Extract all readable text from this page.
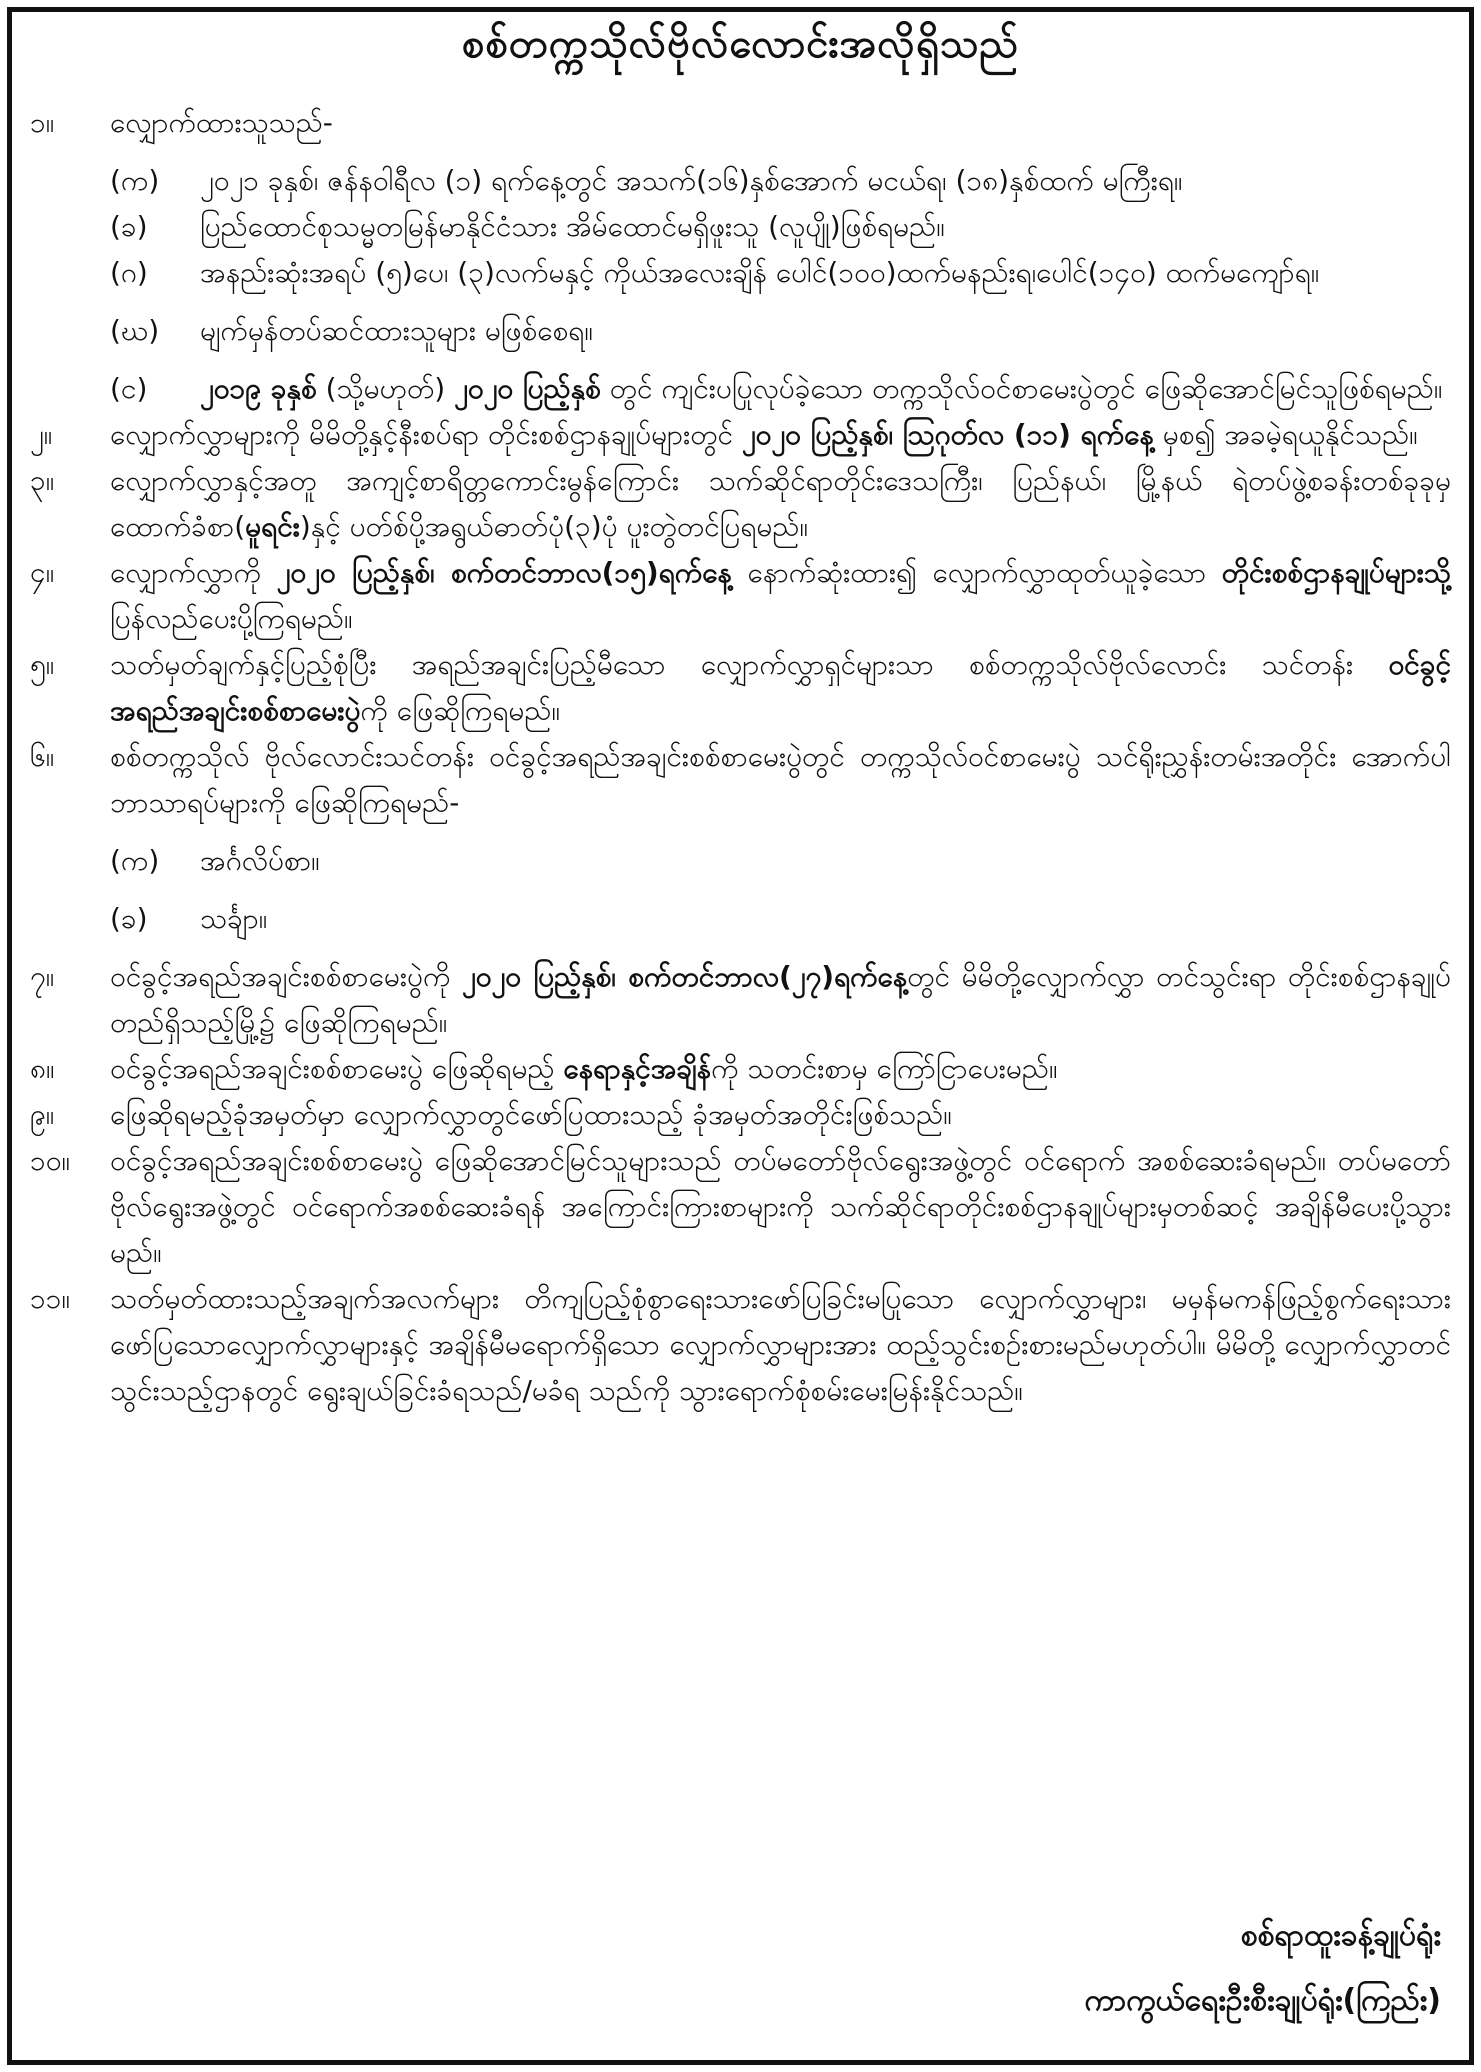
စစ်တက္ကသိုလ်ဗိုလ်လောင်းအလိုရှိသည်
၁။	လျှောက်ထားသူသည်-
(က)	၂၀၂၁ ခုနှစ်၊ ဇန်နဝါရီလ (၁) ရက်နေ့တွင် အသက်(၁၆)နှစ်အောက် မငယ်ရ၊ (၁၈)နှစ်ထက် မကြီးရ။
(ခ)	ပြည်ထောင်စုသမ္မတမြန်မာနိုင်ငံသား အိမ်ထောင်မရှိဖူးသူ (လူပျို)ဖြစ်ရမည်။
(ဂ)	အနည်းဆုံးအရပ် (၅)ပေ၊ (၃)လက်မနှင့် ကိုယ်အလေးချိန် ပေါင်(၁၀၀)ထက်မနည်းရ၊ပေါင်(၁၄၀) ထက်မကျော်ရ။
(ဃ)	မျက်မှန်တပ်ဆင်ထားသူများ မဖြစ်စေရ။
(င)	၂၀၁၉ ခုနှစ် (သို့မဟုတ်) ၂၀၂၀ ပြည့်နှစ် တွင် ကျင်းပပြုလုပ်ခဲ့သော တက္ကသိုလ်ဝင်စာမေးပွဲတွင် ဖြေဆိုအောင်မြင်သူဖြစ်ရမည်။
၂။	လျှောက်လွှာများကို မိမိတို့နှင့်နီးစပ်ရာ တိုင်းစစ်ဌာနချုပ်များတွင် ၂၀၂၀ ပြည့်နှစ်၊ ဩဂုတ်လ (၁၁) ရက်နေ့ မှစ၍ အခမဲ့ရယူနိုင်သည်။
၃။	လျှောက်လွှာနှင့်အတူ အကျင့်စာရိတ္တကောင်းမွန်ကြောင်း သက်ဆိုင်ရာတိုင်းဒေသကြီး၊ ပြည်နယ်၊ မြို့နယ် ရဲတပ်ဖွဲ့စခန်းတစ်ခုခုမှ ထောက်ခံစာ(မူရင်း)နှင့် ပတ်စ်ပို့အရွယ်ဓာတ်ပုံ(၃)ပုံ ပူးတွဲတင်ပြရမည်။
၄။	လျှောက်လွှာကို ၂၀၂၀ ပြည့်နှစ်၊ စက်တင်ဘာလ(၁၅)ရက်နေ့ နောက်ဆုံးထား၍ လျှောက်လွှာထုတ်ယူခဲ့သော တိုင်းစစ်ဌာနချုပ်များသို့ ပြန်လည်ပေးပို့ကြရမည်။
၅။	သတ်မှတ်ချက်နှင့်ပြည့်စုံပြီး အရည်အချင်းပြည့်မီသော လျှောက်လွှာရှင်များသာ စစ်တက္ကသိုလ်ဗိုလ်လောင်း သင်တန်း ဝင်ခွင့်အရည်အချင်းစစ်စာမေးပွဲကို ဖြေဆိုကြရမည်။
၆။	စစ်တက္ကသိုလ် ဗိုလ်လောင်းသင်တန်း ဝင်ခွင့်အရည်အချင်းစစ်စာမေးပွဲတွင် တက္ကသိုလ်ဝင်စာမေးပွဲ သင်ရိုးညွှန်းတမ်းအတိုင်း အောက်ပါဘာသာရပ်များကို ဖြေဆိုကြရမည်-
(က)	အင်္ဂလိပ်စာ။
(ခ)	သင်္ချာ။
၇။	ဝင်ခွင့်အရည်အချင်းစစ်စာမေးပွဲကို ၂၀၂၀ ပြည့်နှစ်၊ စက်တင်ဘာလ(၂၇)ရက်နေ့တွင် မိမိတို့လျှောက်လွှာ တင်သွင်းရာ တိုင်းစစ်ဌာနချုပ်တည်ရှိသည့်မြို့၌ ဖြေဆိုကြရမည်။
၈။	ဝင်ခွင့်အရည်အချင်းစစ်စာမေးပွဲ ဖြေဆိုရမည့် နေရာနှင့်အချိန်ကို သတင်းစာမှ ကြော်ငြာပေးမည်။
၉။	ဖြေဆိုရမည့်ခုံအမှတ်မှာ လျှောက်လွှာတွင်ဖော်ပြထားသည့် ခုံအမှတ်အတိုင်းဖြစ်သည်။
၁၀။	ဝင်ခွင့်အရည်အချင်းစစ်စာမေးပွဲ ဖြေဆိုအောင်မြင်သူများသည် တပ်မတော်ဗိုလ်ရွေးအဖွဲ့တွင် ဝင်ရောက် အစစ်ဆေးခံရမည်။ တပ်မတော်ဗိုလ်ရွေးအဖွဲ့တွင် ဝင်ရောက်အစစ်ဆေးခံရန် အကြောင်းကြားစာများကို သက်ဆိုင်ရာတိုင်းစစ်ဌာနချုပ်များမှတစ်ဆင့် အချိန်မီပေးပို့သွားမည်။
၁၁။	သတ်မှတ်ထားသည့်အချက်အလက်များ တိကျပြည့်စုံစွာရေးသားဖော်ပြခြင်းမပြုသော လျှောက်လွှာများ၊ မမှန်မကန်ဖြည့်စွက်ရေးသားဖော်ပြသောလျှောက်လွှာများနှင့် အချိန်မီမရောက်ရှိသော လျှောက်လွှာများအား ထည့်သွင်းစဉ်းစားမည်မဟုတ်ပါ။ မိမိတို့ လျှောက်လွှာတင်သွင်းသည့်ဌာနတွင် ရွေးချယ်ခြင်းခံရသည်/မခံရ သည်ကို သွားရောက်စုံစမ်းမေးမြန်းနိုင်သည်။
စစ်ရာထူးခန့်ချုပ်ရုံး
ကာကွယ်ရေးဦးစီးချုပ်ရုံး(ကြည်း)
